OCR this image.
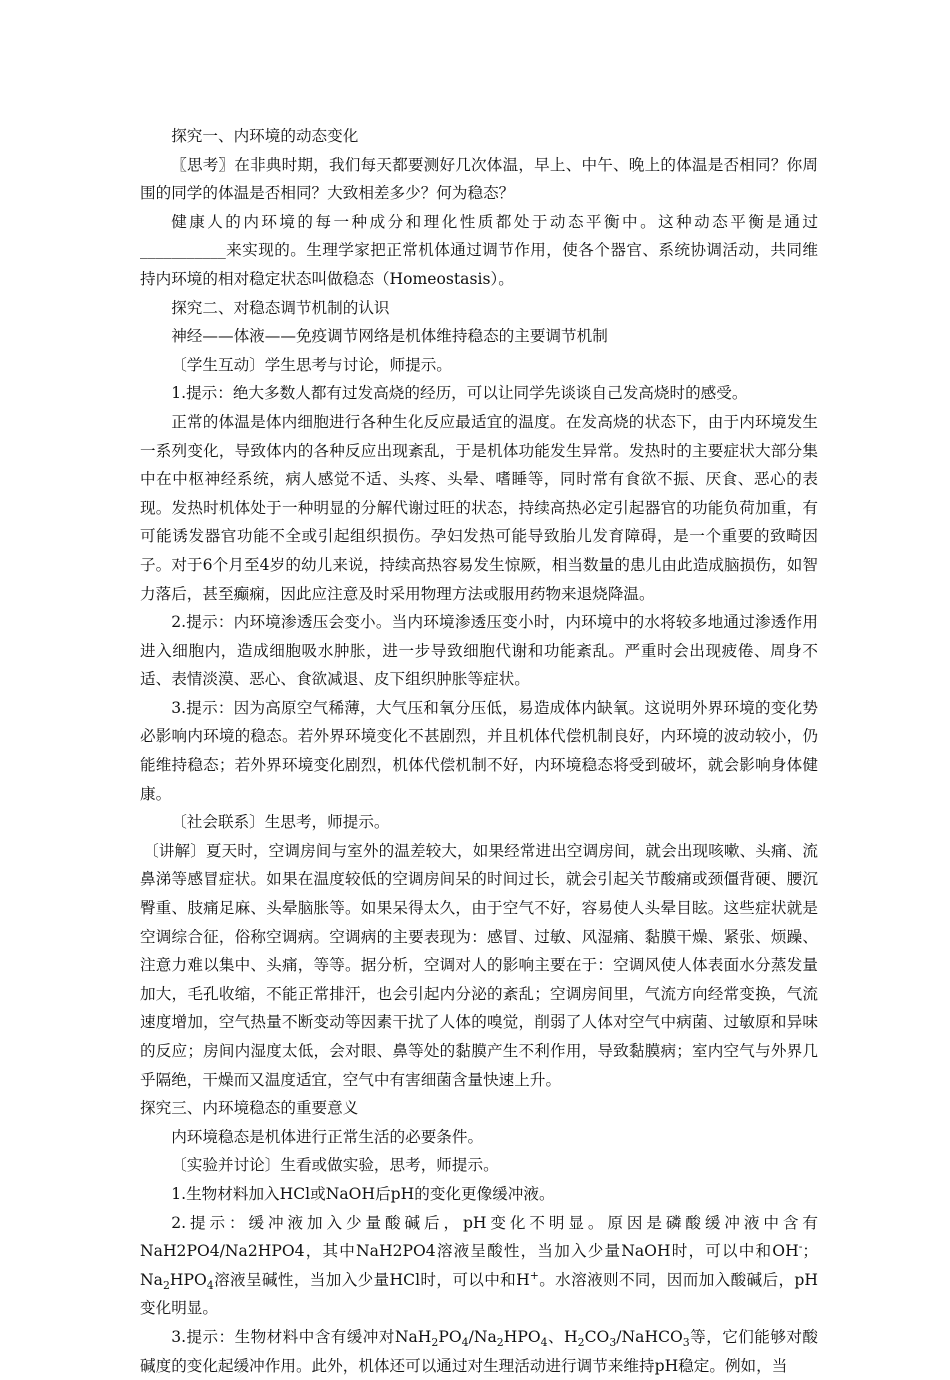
探究一、内环境的动态变化

〖思考〗在非典时期，我们每天都要测好几次体温，早上、中午、晚上的体温是否相同？你周围的同学的体温是否相同？大致相差多少？何为稳态？

健康人的内环境的每一种成分和理化性质都处于动态平衡中。这种动态平衡是通过___________来实现的。生理学家把正常机体通过调节作用，使各个器官、系统协调活动，共同维持内环境的相对稳定状态叫做稳态（Homeostasis）。

探究二、对稳态调节机制的认识

神经——体液——免疫调节网络是机体维持稳态的主要调节机制

〔学生互动〕学生思考与讨论，师提示。

1.提示：绝大多数人都有过发高烧的经历，可以让同学先谈谈自己发高烧时的感受。

正常的体温是体内细胞进行各种生化反应最适宜的温度。在发高烧的状态下，由于内环境发生一系列变化，导致体内的各种反应出现紊乱，于是机体功能发生异常。发热时的主要症状大部分集中在中枢神经系统，病人感觉不适、头疼、头晕、嗜睡等，同时常有食欲不振、厌食、恶心的表现。发热时机体处于一种明显的分解代谢过旺的状态，持续高热必定引起器官的功能负荷加重，有可能诱发器官功能不全或引起组织损伤。孕妇发热可能导致胎儿发育障碍，是一个重要的致畸因子。对于6个月至4岁的幼儿来说，持续高热容易发生惊厥，相当数量的患儿由此造成脑损伤，如智力落后，甚至癫痫，因此应注意及时采用物理方法或服用药物来退烧降温。

2.提示：内环境渗透压会变小。当内环境渗透压变小时，内环境中的水将较多地通过渗透作用进入细胞内，造成细胞吸水肿胀，进一步导致细胞代谢和功能紊乱。严重时会出现疲倦、周身不适、表情淡漠、恶心、食欲减退、皮下组织肿胀等症状。

3.提示：因为高原空气稀薄，大气压和氧分压低，易造成体内缺氧。这说明外界环境的变化势必影响内环境的稳态。若外界环境变化不甚剧烈，并且机体代偿机制良好，内环境的波动较小，仍能维持稳态；若外界环境变化剧烈，机体代偿机制不好，内环境稳态将受到破坏，就会影响身体健康。

〔社会联系〕生思考，师提示。

〔讲解〕夏天时，空调房间与室外的温差较大，如果经常进出空调房间，就会出现咳嗽、头痛、流鼻涕等感冒症状。如果在温度较低的空调房间呆的时间过长，就会引起关节酸痛或颈僵背硬、腰沉臀重、肢痛足麻、头晕脑胀等。如果呆得太久，由于空气不好，容易使人头晕目眩。这些症状就是空调综合征，俗称空调病。空调病的主要表现为：感冒、过敏、风湿痛、黏膜干燥、紧张、烦躁、注意力难以集中、头痛，等等。据分析，空调对人的影响主要在于：空调风使人体表面水分蒸发量加大，毛孔收缩，不能正常排汗，也会引起内分泌的紊乱；空调房间里，气流方向经常变换，气流速度增加，空气热量不断变动等因素干扰了人体的嗅觉，削弱了人体对空气中病菌、过敏原和异味的反应；房间内湿度太低，会对眼、鼻等处的黏膜产生不利作用，导致黏膜病；室内空气与外界几乎隔绝，干燥而又温度适宜，空气中有害细菌含量快速上升。

探究三、内环境稳态的重要意义

内环境稳态是机体进行正常生活的必要条件。

〔实验并讨论〕生看或做实验，思考，师提示。

1.生物材料加入HCl或NaOH后pH的变化更像缓冲液。

2.提示：缓冲液加入少量酸碱后，pH变化不明显。原因是磷酸缓冲液中含有NaH2PO4/Na2HPO4，其中NaH2PO4溶液呈酸性，当加入少量NaOH时，可以中和OH-；$Na_2HPO_4$溶液呈碱性，当加入少量HCl时，可以中和H+。水溶液则不同，因而加入酸碱后，pH变化明显。

3.提示：生物材料中含有缓冲对$NaH_2PO_4/Na_2HPO_4$、$H_2CO_3/NaHCO_3$等，它们能够对酸碱度的变化起缓冲作用。此外，机体还可以通过对生理活动进行调节来维持pH稳定。例如，当
